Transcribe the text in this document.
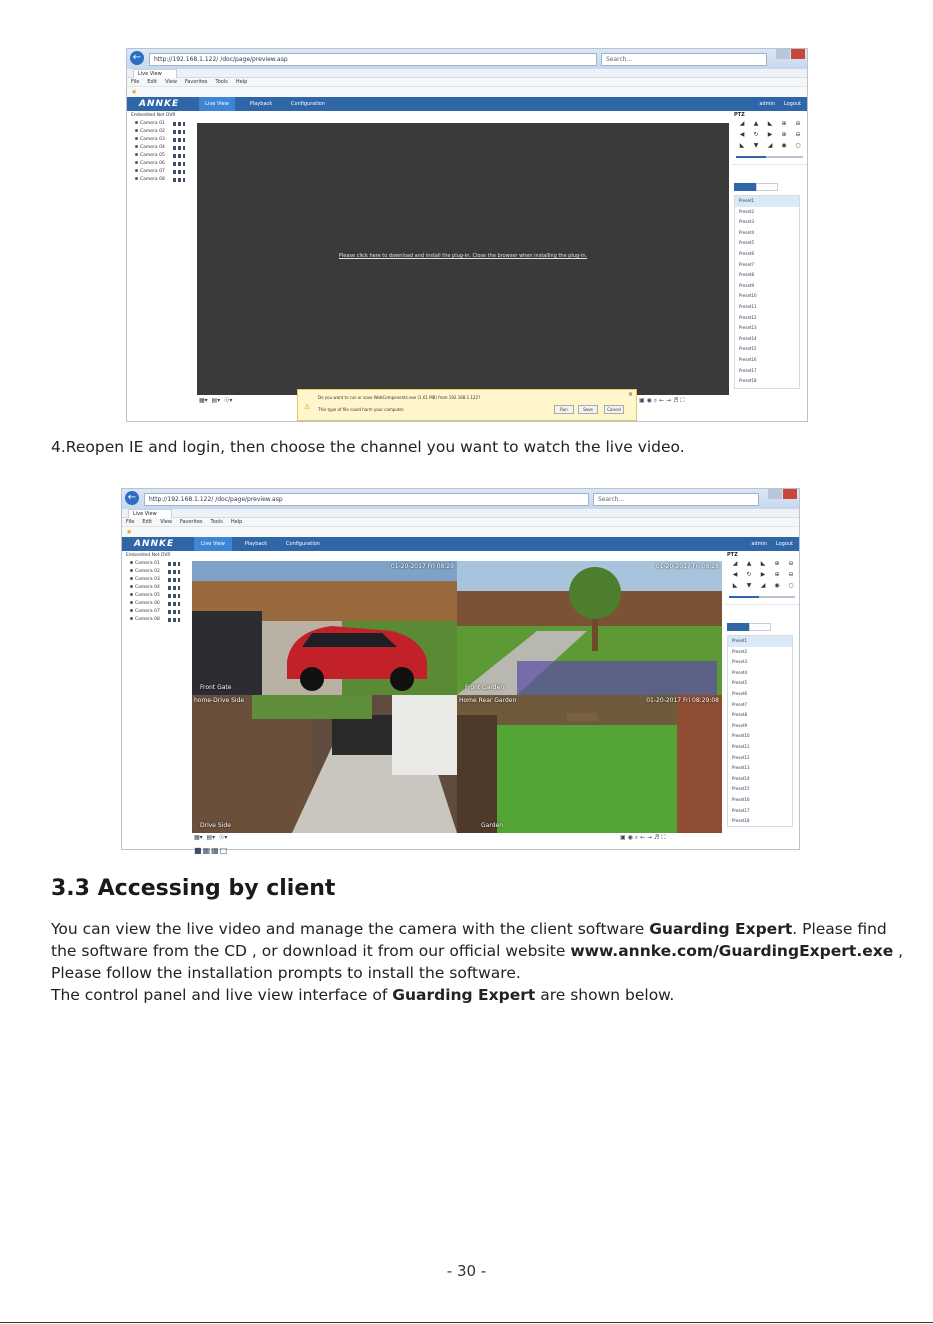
←	http://192.168.1.122/ /doc/page/preview.asp	Search...
Live View
File Edit View Favorites Tools Help
★
ANNKE	Live View	Playback	Configuration	admin Logout
Embedded Net DVR
Camera 01
Camera 02
Camera 03
Camera 04
Camera 05
Camera 06
Camera 07
Camera 08
Please click here to download and install the plug-in. Close the browser when installing the plug-in.
PTZ
◢	▲	◣	⊕	⊖
◀	↻	▶	⊕	⊖
◣	▼	◢	◉	○
Preset1
Preset2
Preset3
Preset4
Preset5
Preset6
Preset7
Preset8
Preset9
Preset10
Preset11
Preset12
Preset13
Preset14
Preset15
Preset16
Preset17
Preset18
▦▾ ▤▾ ☉▾	▣ ◉ ⌕ ← → ♬ ⛶
⚠
Do you want to run or save WebComponents.exe (1.61 MB) from 192.168.1.122?
This type of file could harm your computer.	Run	Save	Cancel
×
4.Reopen IE and login, then choose the channel you want to watch the live video.
←	http://192.168.1.122/ /doc/page/preview.asp	Search...
Live View
File Edit View Favorites Tools Help
★
ANNKE	Live View	Playback	Configuration	admin Logout
Embedded Net DVR
Camera 01
Camera 02
Camera 03
Camera 04
Camera 05
Camera 06
Camera 07
Camera 08
Front Gate
01-20-2017 Fri 08:29
Front Garden
01-20-2017 Fri 08:28
home-Drive Side
Drive Side
Home Rear Garden	01-20-2017 Fri 08:29:08
Garden
PTZ
◢	▲	◣	⊕	⊖
◀	↻	▶	⊕	⊖
◣	▼	◢	◉	○
Preset1
Preset2
Preset3
Preset4
Preset5
Preset6
Preset7
Preset8
Preset9
Preset10
Preset11
Preset12
Preset13
Preset14
Preset15
Preset16
Preset17
Preset18
▦▾ ▤▾ ☉▾	▣ ◉ ⌕ ← → ♬ ⛶
■▦▦□
3.3 Accessing by client
You can view the live video and manage the camera with the client software Guarding Expert. Please find
the software from the CD , or download it from our official website www.annke.com/GuardingExpert.exe ,
Please follow the installation prompts to install the software.
The control panel and live view interface of Guarding Expert are shown below.
- 30 -
